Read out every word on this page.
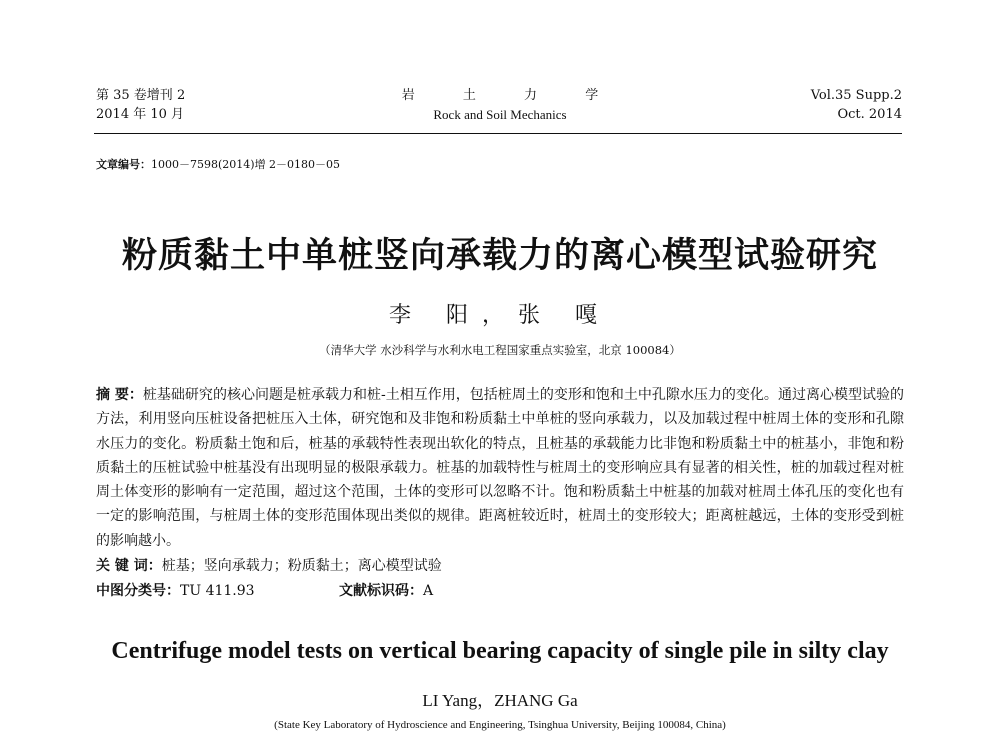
第 35 卷增刊 2
2014 年 10 月
岩 土 力 学
Rock and Soil Mechanics
Vol.35 Supp.2
Oct. 2014
文章编号：1000－7598(2014)增 2－0180－05
粉质黏土中单桩竖向承载力的离心模型试验研究
李 阳，张 嘎
（清华大学 水沙科学与水利水电工程国家重点实验室，北京 100084）
摘 要：桩基础研究的核心问题是桩承载力和桩-土相互作用，包括桩周土的变形和饱和土中孔隙水压力的变化。通过离心模型试验的方法，利用竖向压桩设备把桩压入土体，研究饱和及非饱和粉质黏土中单桩的竖向承载力，以及加载过程中桩周土体的变形和孔隙水压力的变化。粉质黏土饱和后，桩基的承载特性表现出软化的特点，且桩基的承载能力比非饱和粉质黏土中的桩基小，非饱和粉质黏土的压桩试验中桩基没有出现明显的极限承载力。桩基的加载特性与桩周土的变形响应具有显著的相关性，桩的加载过程对桩周土体变形的影响有一定范围，超过这个范围，土体的变形可以忽略不计。饱和粉质黏土中桩基的加载对桩周土体孔压的变化也有一定的影响范围，与桩周土体的变形范围体现出类似的规律。距离桩较近时，桩周土的变形较大；距离桩越远，土体的变形受到桩的影响越小。
关 键 词：桩基；竖向承载力；粉质黏土；离心模型试验
中图分类号：TU 411.93	文献标识码：A
Centrifuge model tests on vertical bearing capacity of single pile in silty clay
LI Yang，ZHANG Ga
(State Key Laboratory of Hydroscience and Engineering, Tsinghua University, Beijing 100084, China)
